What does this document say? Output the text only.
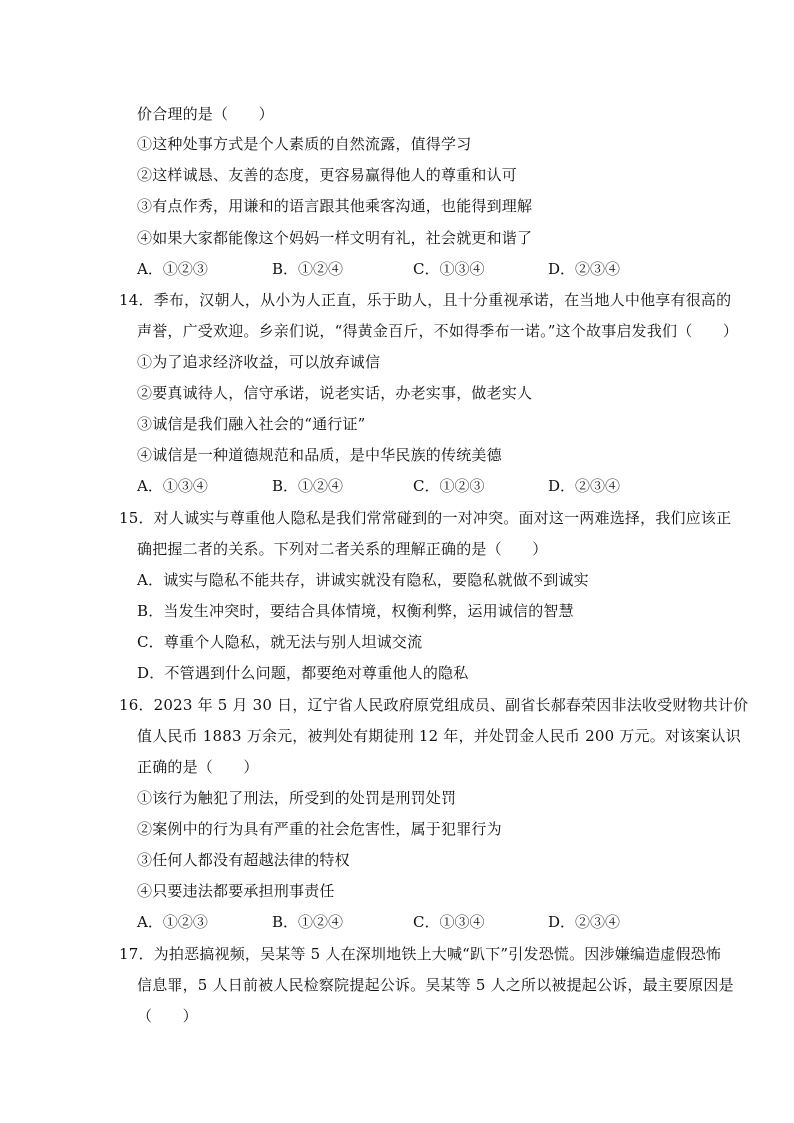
价合理的是（　　）
①这种处事方式是个人素质的自然流露，值得学习
②这样诚恳、友善的态度，更容易赢得他人的尊重和认可
③有点作秀，用谦和的语言跟其他乘客沟通，也能得到理解
④如果大家都能像这个妈妈一样文明有礼，社会就更和谐了
A．①②③	B．①②④	C．①③④	D．②③④
14．季布，汉朝人，从小为人正直，乐于助人，且十分重视承诺，在当地人中他享有很高的
声誉，广受欢迎。乡亲们说，“得黄金百斤，不如得季布一诺。”这个故事启发我们（　　）
①为了追求经济收益，可以放弃诚信
②要真诚待人，信守承诺，说老实话，办老实事，做老实人
③诚信是我们融入社会的“通行证”
④诚信是一种道德规范和品质，是中华民族的传统美德
A．①③④	B．①②④	C．①②③	D．②③④
15．对人诚实与尊重他人隐私是我们常常碰到的一对冲突。面对这一两难选择，我们应该正
确把握二者的关系。下列对二者关系的理解正确的是（　　）
A．诚实与隐私不能共存，讲诚实就没有隐私，要隐私就做不到诚实
B．当发生冲突时，要结合具体情境，权衡利弊，运用诚信的智慧
C．尊重个人隐私，就无法与别人坦诚交流
D．不管遇到什么问题，都要绝对尊重他人的隐私
16．2023 年 5 月 30 日，辽宁省人民政府原党组成员、副省长郝春荣因非法收受财物共计价
值人民币 1883 万余元，被判处有期徒刑 12 年，并处罚金人民币 200 万元。对该案认识
正确的是（　　）
①该行为触犯了刑法，所受到的处罚是刑罚处罚
②案例中的行为具有严重的社会危害性，属于犯罪行为
③任何人都没有超越法律的特权
④只要违法都要承担刑事责任
A．①②③	B．①②④	C．①③④	D．②③④
17．为拍恶搞视频，吴某等 5 人在深圳地铁上大喊“趴下”引发恐慌。因涉嫌编造虚假恐怖
信息罪，5 人日前被人民检察院提起公诉。吴某等 5 人之所以被提起公诉，最主要原因是
（　　）
